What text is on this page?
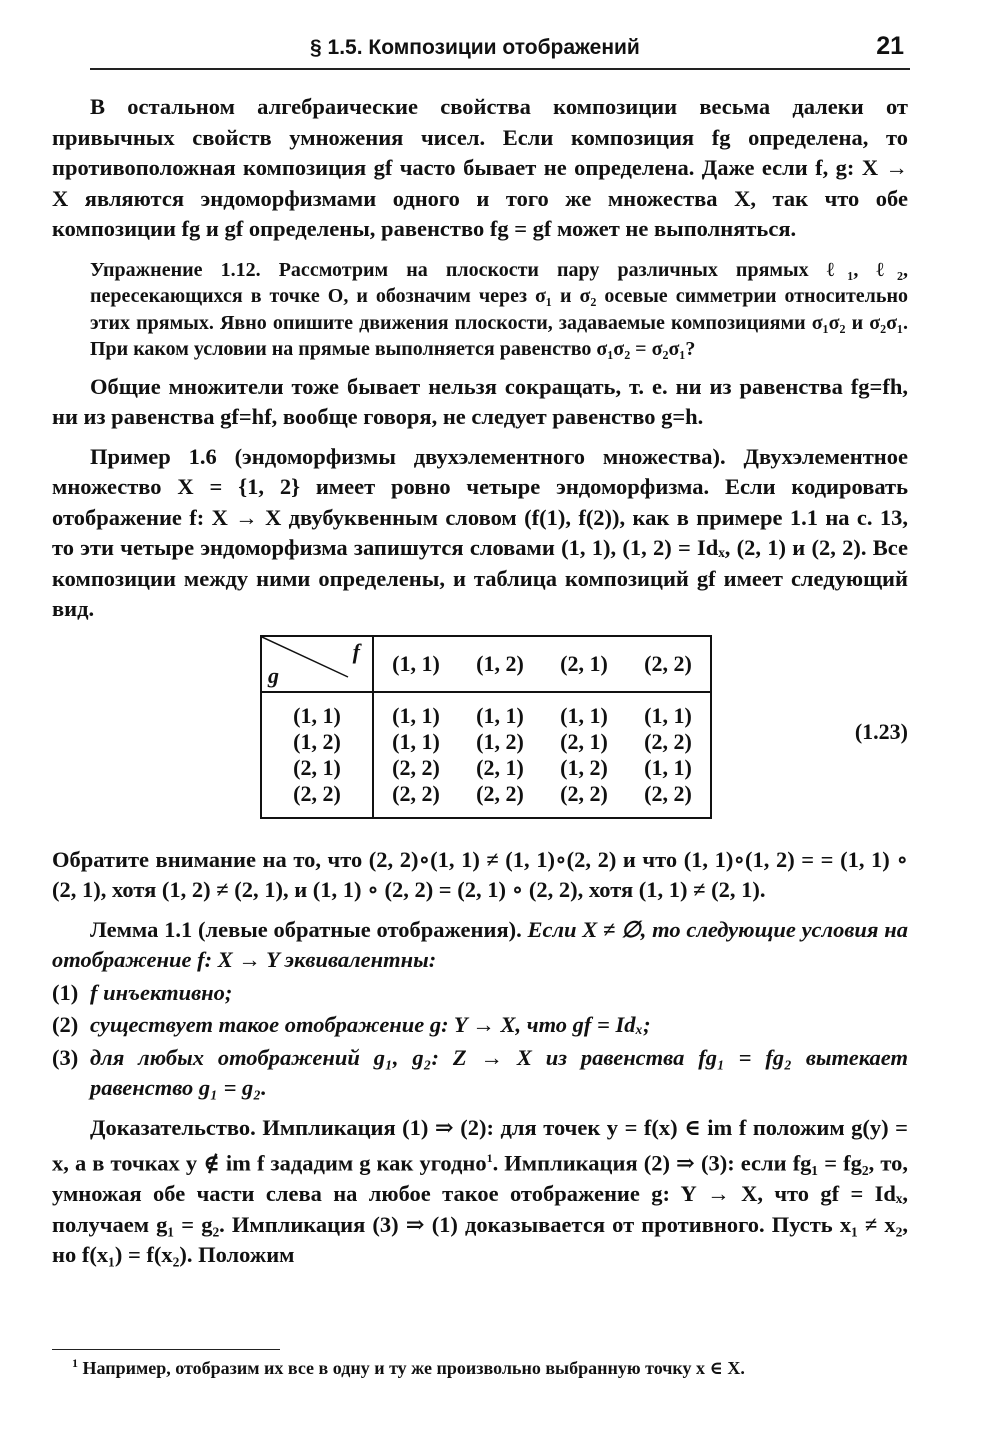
§ 1.5. Композиции отображений	21

В остальном алгебраические свойства композиции весьма далеки от привычных свойств умножения чисел. Если композиция fg определена, то противоположная композиция gf часто бывает не определена. Даже если f, g: X → X являются эндоморфизмами одного и того же множества X, так что обе композиции fg и gf определены, равенство fg = gf может не выполняться.

Упражнение 1.12. Рассмотрим на плоскости пару различных прямых ℓ₁, ℓ₂, пересекающихся в точке O, и обозначим через σ₁ и σ₂ осевые симметрии относительно этих прямых. Явно опишите движения плоскости, задаваемые композициями σ₁σ₂ и σ₂σ₁. При каком условии на прямые выполняется равенство σ₁σ₂ = σ₂σ₁?

Общие множители тоже бывает нельзя сокращать, т. е. ни из равенства fg=fh, ни из равенства gf=hf, вообще говоря, не следует равенство g=h.

Пример 1.6 (эндоморфизмы двухэлементного множества). Двухэлементное множество X = {1, 2} имеет ровно четыре эндоморфизма. Если кодировать отображение f: X → X двубуквенным словом (f(1), f(2)), как в примере 1.1 на с. 13, то эти четыре эндоморфизма запишутся словами (1, 1), (1, 2) = Idₓ, (2, 1) и (2, 2). Все композиции между ними определены, и таблица композиций gf имеет следующий вид.

f
g	(1, 1)	(1, 2)	(2, 1)	(2, 2)

(1, 1)	(1, 1)	(1, 1)	(1, 1)	(1, 1)
(1, 2)	(1, 1)	(1, 2)	(2, 1)	(2, 2)
(2, 1)	(2, 2)	(2, 1)	(1, 2)	(1, 1)
(2, 2)	(2, 2)	(2, 2)	(2, 2)	(2, 2)

(1.23)

Обратите внимание на то, что (2, 2)∘(1, 1) ≠ (1, 1)∘(2, 2) и что (1, 1)∘(1, 2) = = (1, 1) ∘ (2, 1), хотя (1, 2) ≠ (2, 1), и (1, 1) ∘ (2, 2) = (2, 1) ∘ (2, 2), хотя (1, 1) ≠ (2, 1).

Лемма 1.1 (левые обратные отображения). Если X ≠ ∅, то следующие условия на отображение f: X → Y эквивалентны:

(1) f инъективно;
(2) существует такое отображение g: Y → X, что gf = Idₓ;
(3) для любых отображений g₁, g₂: Z → X из равенства fg₁ = fg₂ вытекает равенство g₁ = g₂.

Доказательство. Импликация (1) ⇒ (2): для точек y = f(x) ∈ im f положим g(y) = x, а в точках y ∉ im f зададим g как угодно$^1$. Импликация (2) ⇒ (3): если fg₁ = fg₂, то, умножая обе части слева на любое такое отображение g: Y → X, что gf = Idₓ, получаем g₁ = g₂. Импликация (3) ⇒ (1) доказывается от противного. Пусть x₁ ≠ x₂, но f(x₁) = f(x₂). Положим

$^1$ Например, отобразим их все в одну и ту же произвольно выбранную точку x ∈ X.
